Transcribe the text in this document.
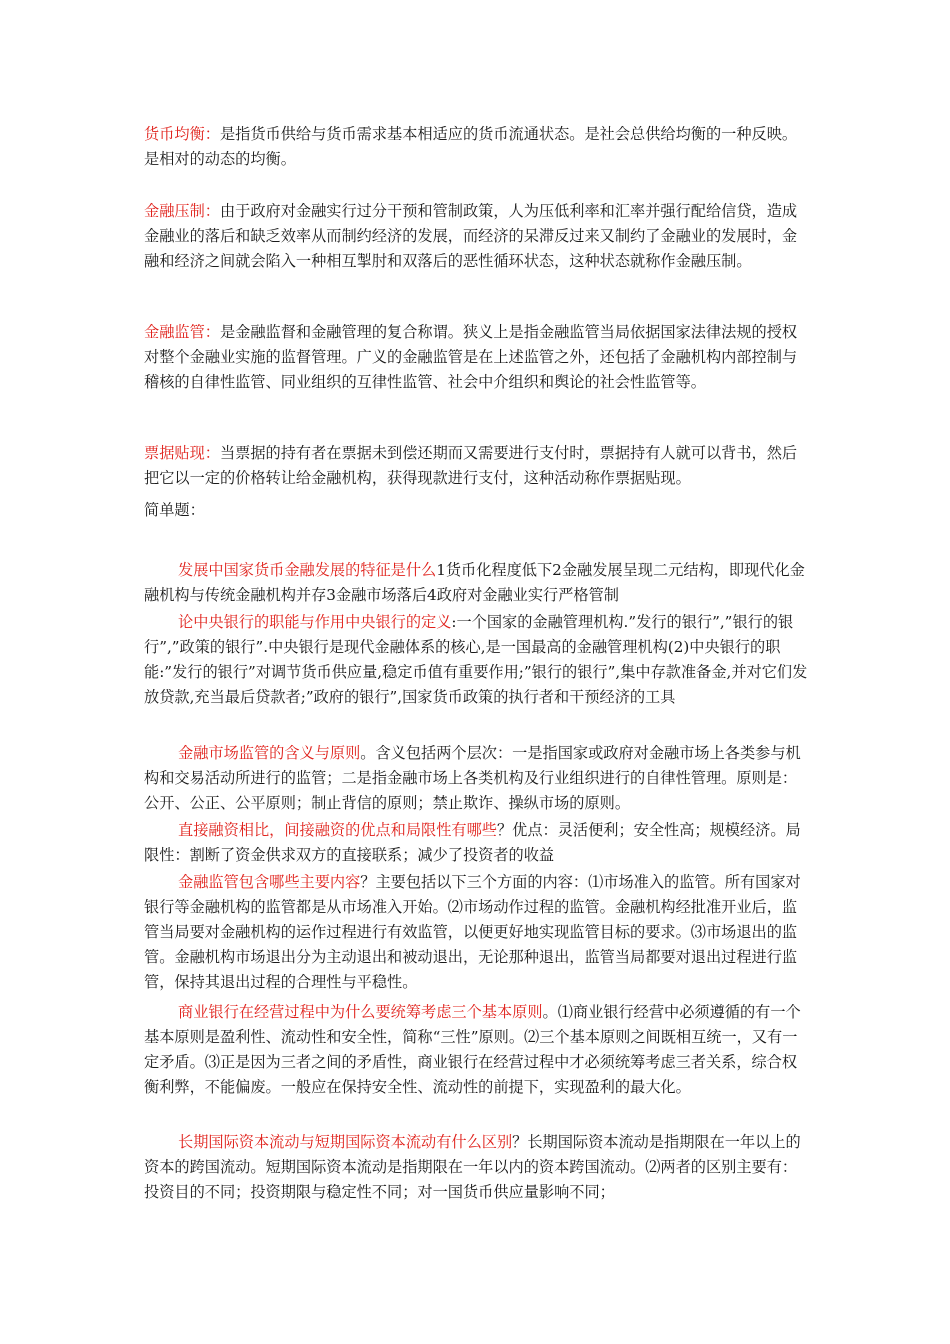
货币均衡：是指货币供给与货币需求基本相适应的货币流通状态。是社会总供给均衡的一种反映。是相对的动态的均衡。

金融压制：由于政府对金融实行过分干预和管制政策，人为压低利率和汇率并强行配给信贷，造成金融业的落后和缺乏效率从而制约经济的发展，而经济的呆滞反过来又制约了金融业的发展时，金融和经济之间就会陷入一种相互掣肘和双落后的恶性循环状态，这种状态就称作金融压制。

金融监管：是金融监督和金融管理的复合称谓。狭义上是指金融监管当局依据国家法律法规的授权对整个金融业实施的监督管理。广义的金融监管是在上述监管之外，还包括了金融机构内部控制与稽核的自律性监管、同业组织的互律性监管、社会中介组织和舆论的社会性监管等。

票据贴现：当票据的持有者在票据未到偿还期而又需要进行支付时，票据持有人就可以背书，然后把它以一定的价格转让给金融机构，获得现款进行支付，这种活动称作票据贴现。

简单题：

发展中国家货币金融发展的特征是什么1货币化程度低下2金融发展呈现二元结构，即现代化金融机构与传统金融机构并存3金融市场落后4政府对金融业实行严格管制

论中央银行的职能与作用中央银行的定义:一个国家的金融管理机构.”发行的银行”,”银行的银行”,”政策的银行”.中央银行是现代金融体系的核心,是一国最高的金融管理机构(2)中央银行的职能:”发行的银行”对调节货币供应量,稳定币值有重要作用;”银行的银行”,集中存款准备金,并对它们发放贷款,充当最后贷款者;”政府的银行”,国家货币政策的执行者和干预经济的工具

金融市场监管的含义与原则。含义包括两个层次：一是指国家或政府对金融市场上各类参与机构和交易活动所进行的监管；二是指金融市场上各类机构及行业组织进行的自律性管理。原则是：公开、公正、公平原则；制止背信的原则；禁止欺诈、操纵市场的原则。

直接融资相比，间接融资的优点和局限性有哪些？优点：灵活便利；安全性高；规模经济。局限性：割断了资金供求双方的直接联系；减少了投资者的收益

金融监管包含哪些主要内容？主要包括以下三个方面的内容：⑴市场准入的监管。所有国家对银行等金融机构的监管都是从市场准入开始。⑵市场动作过程的监管。金融机构经批准开业后，监管当局要对金融机构的运作过程进行有效监管，以便更好地实现监管目标的要求。⑶市场退出的监管。金融机构市场退出分为主动退出和被动退出，无论那种退出，监管当局都要对退出过程进行监管，保持其退出过程的合理性与平稳性。

商业银行在经营过程中为什么要统筹考虑三个基本原则。⑴商业银行经营中必须遵循的有一个基本原则是盈利性、流动性和安全性，简称“三性”原则。⑵三个基本原则之间既相互统一，又有一定矛盾。⑶正是因为三者之间的矛盾性，商业银行在经营过程中才必须统筹考虑三者关系，综合权衡利弊，不能偏废。一般应在保持安全性、流动性的前提下，实现盈利的最大化。

长期国际资本流动与短期国际资本流动有什么区别？长期国际资本流动是指期限在一年以上的资本的跨国流动。短期国际资本流动是指期限在一年以内的资本跨国流动。⑵两者的区别主要有：投资目的不同；投资期限与稳定性不同；对一国货币供应量影响不同；
